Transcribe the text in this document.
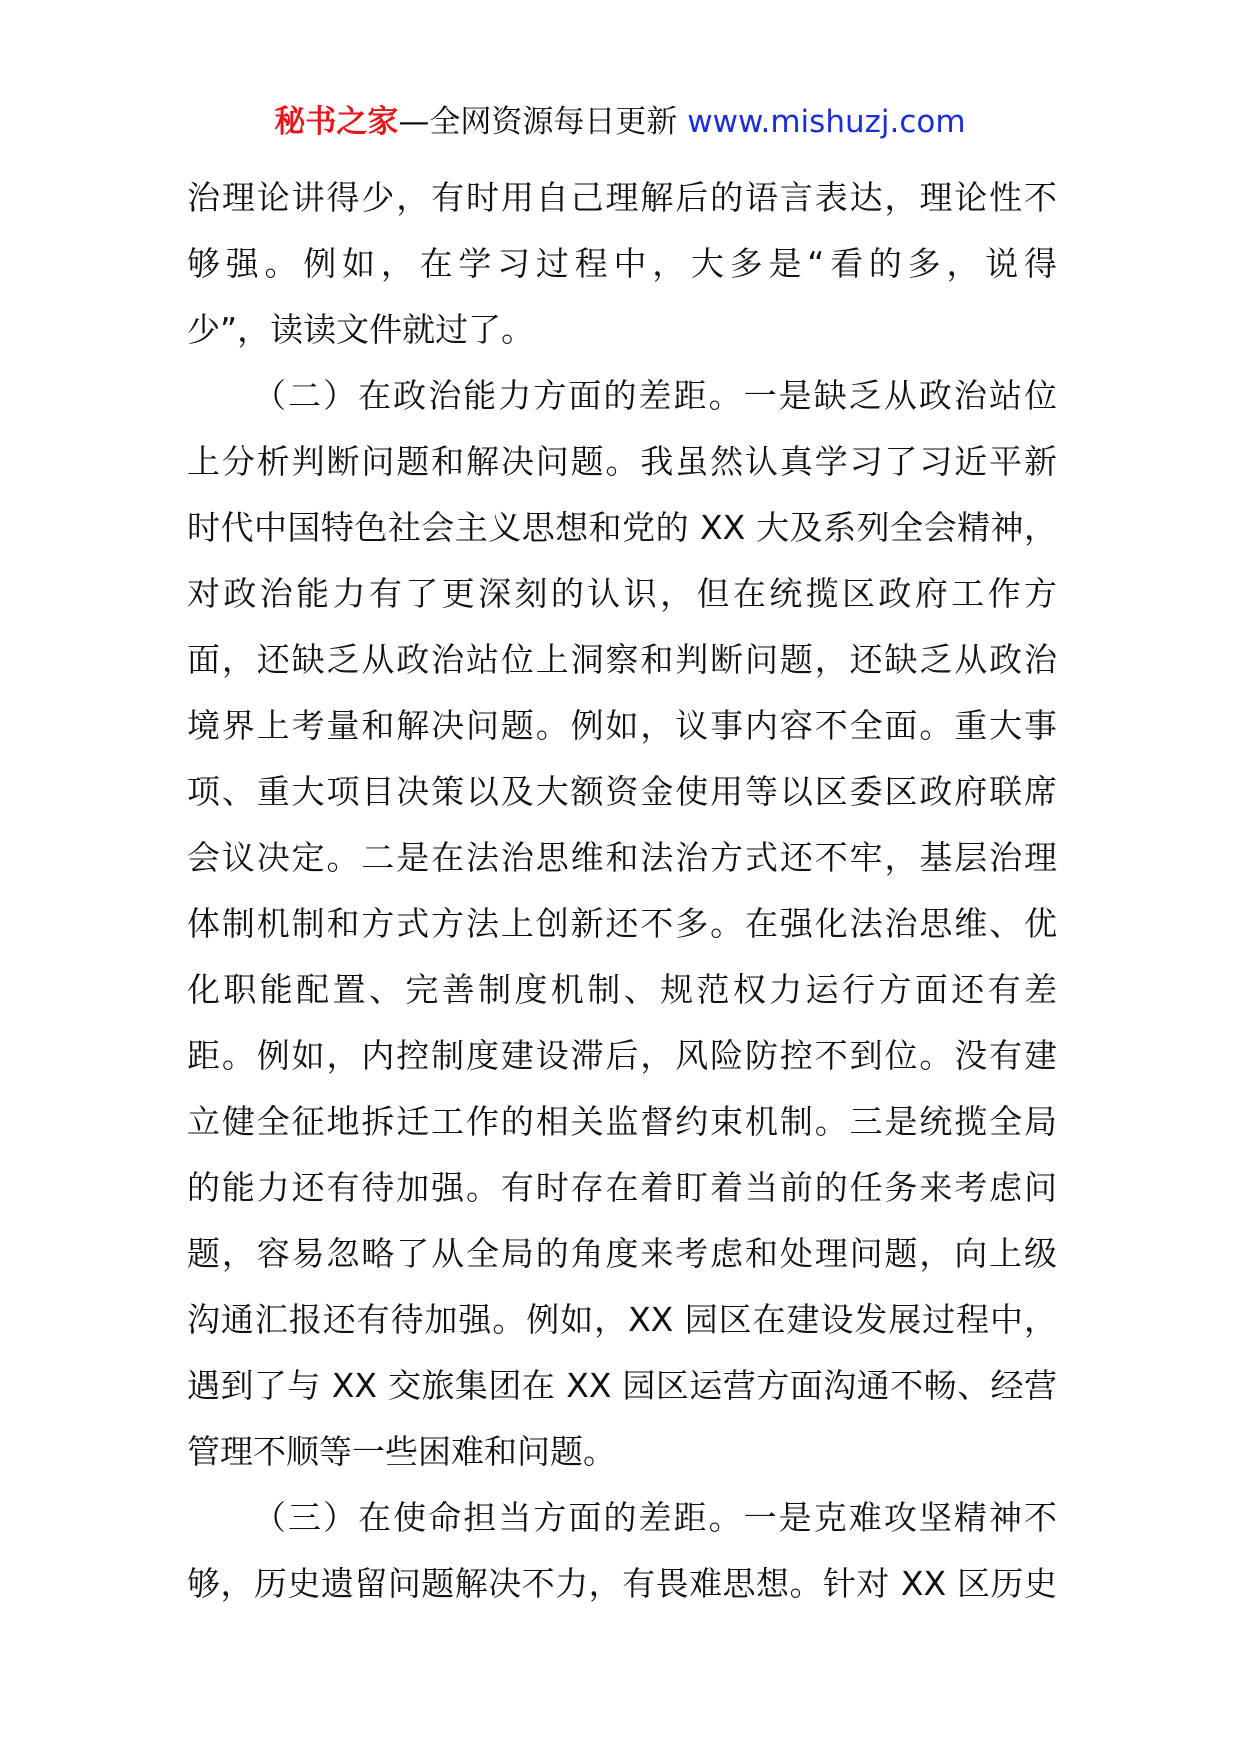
秘书之家—全网资源每日更新 www.mishuzj.com
治理论讲得少，有时用自己理解后的语言表达，理论性不
够强。例如，在学习过程中，大多是“看的多，说得
少”，读读文件就过了。
（二）在政治能力方面的差距。一是缺乏从政治站位
上分析判断问题和解决问题。我虽然认真学习了习近平新
时代中国特色社会主义思想和党的 XX 大及系列全会精神，
对政治能力有了更深刻的认识，但在统揽区政府工作方
面，还缺乏从政治站位上洞察和判断问题，还缺乏从政治
境界上考量和解决问题。例如，议事内容不全面。重大事
项、重大项目决策以及大额资金使用等以区委区政府联席
会议决定。二是在法治思维和法治方式还不牢，基层治理
体制机制和方式方法上创新还不多。在强化法治思维、优
化职能配置、完善制度机制、规范权力运行方面还有差
距。例如，内控制度建设滞后，风险防控不到位。没有建
立健全征地拆迁工作的相关监督约束机制。三是统揽全局
的能力还有待加强。有时存在着盯着当前的任务来考虑问
题，容易忽略了从全局的角度来考虑和处理问题，向上级
沟通汇报还有待加强。例如，XX 园区在建设发展过程中，
遇到了与 XX 交旅集团在 XX 园区运营方面沟通不畅、经营
管理不顺等一些困难和问题。
（三）在使命担当方面的差距。一是克难攻坚精神不
够，历史遗留问题解决不力，有畏难思想。针对 XX 区历史
